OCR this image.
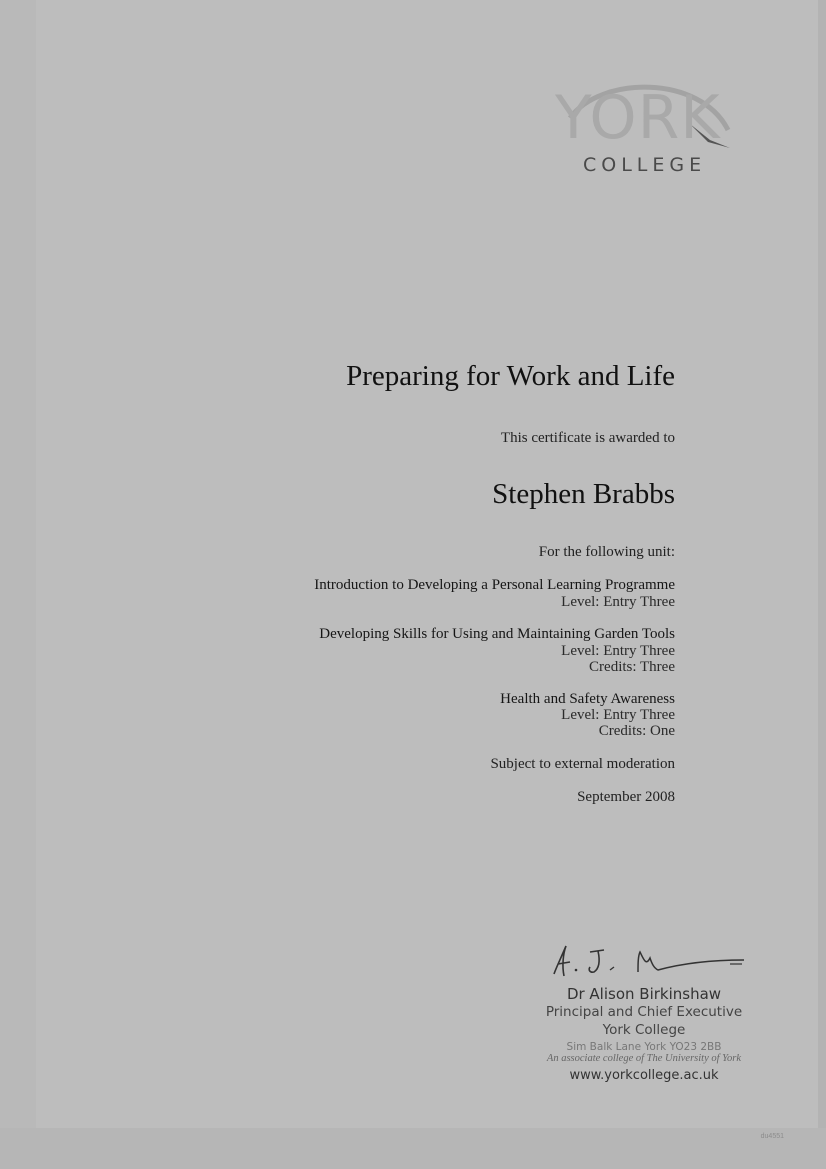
YORK
COLLEGE
Preparing for Work and Life
This certificate is awarded to
Stephen Brabbs
For the following unit:
Introduction to Developing a Personal Learning Programme
Level: Entry Three
Developing Skills for Using and Maintaining Garden Tools
Level: Entry Three
Credits: Three
Health and Safety Awareness
Level: Entry Three
Credits: One
Subject to external moderation
September 2008
Dr Alison Birkinshaw
Principal and Chief Executive
York College
Sim Balk Lane York YO23 2BB
An associate college of The University of York
www.yorkcollege.ac.uk
du4551
